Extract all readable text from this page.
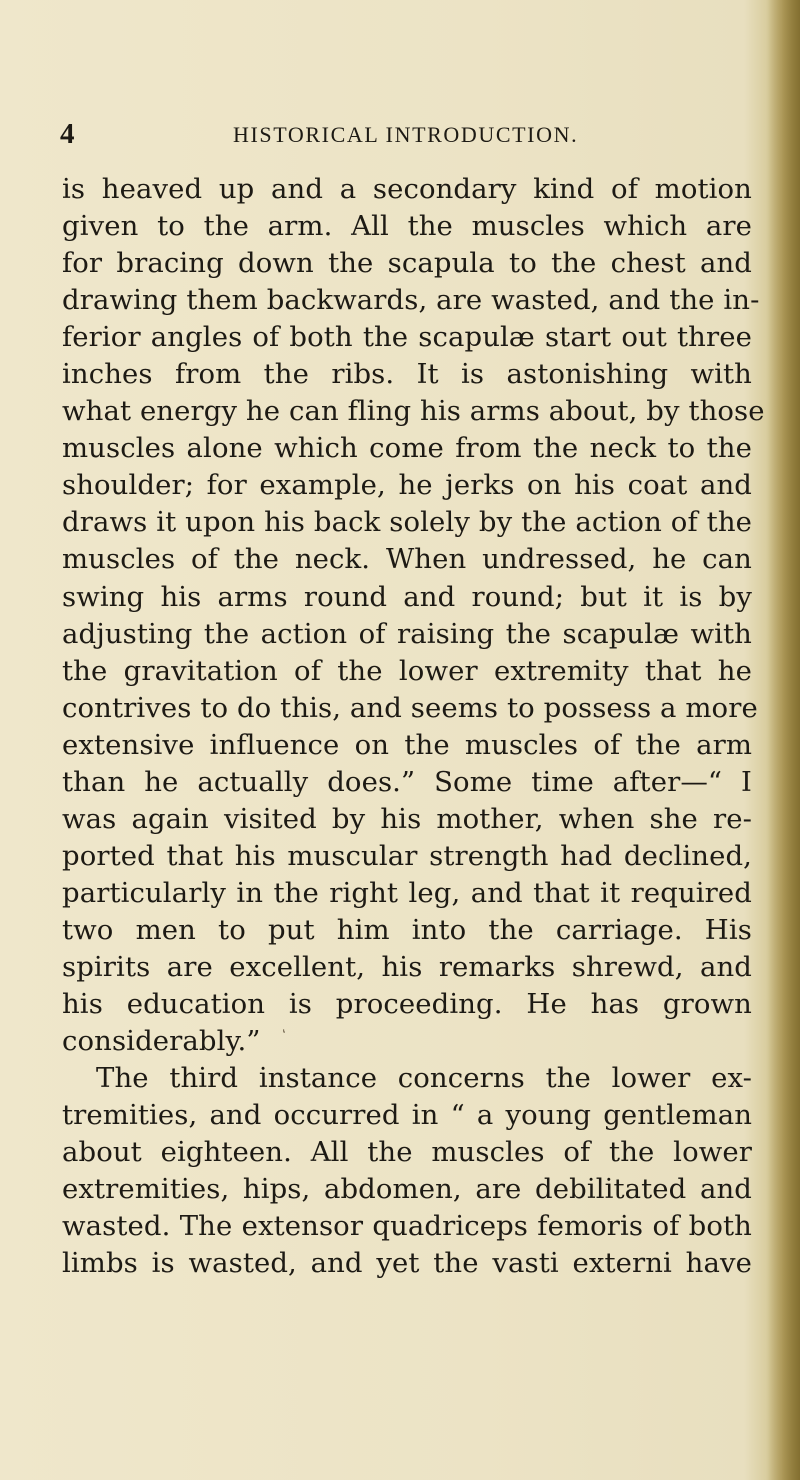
4	HISTORICAL INTRODUCTION.
is heaved up and a secondary kind of motion
given to the arm. All the muscles which are
for bracing down the scapula to the chest and
drawing them backwards, are wasted, and the in-
ferior angles of both the scapulæ start out three
inches from the ribs. It is astonishing with
what energy he can fling his arms about, by those
muscles alone which come from the neck to the
shoulder; for example, he jerks on his coat and
draws it upon his back solely by the action of the
muscles of the neck. When undressed, he can
swing his arms round and round; but it is by
adjusting the action of raising the scapulæ with
the gravitation of the lower extremity that he
contrives to do this, and seems to possess a more
extensive influence on the muscles of the arm
than he actually does.” Some time after—“ I
was again visited by his mother, when she re-
ported that his muscular strength had declined,
particularly in the right leg, and that it required
two men to put him into the carriage. His
spirits are excellent, his remarks shrewd, and
his education is proceeding. He has grown
considerably.”
The third instance concerns the lower ex-
tremities, and occurred in “ a young gentleman
about eighteen. All the muscles of the lower
extremities, hips, abdomen, are debilitated and
wasted. The extensor quadriceps femoris of both
limbs is wasted, and yet the vasti externi have
ʻ
